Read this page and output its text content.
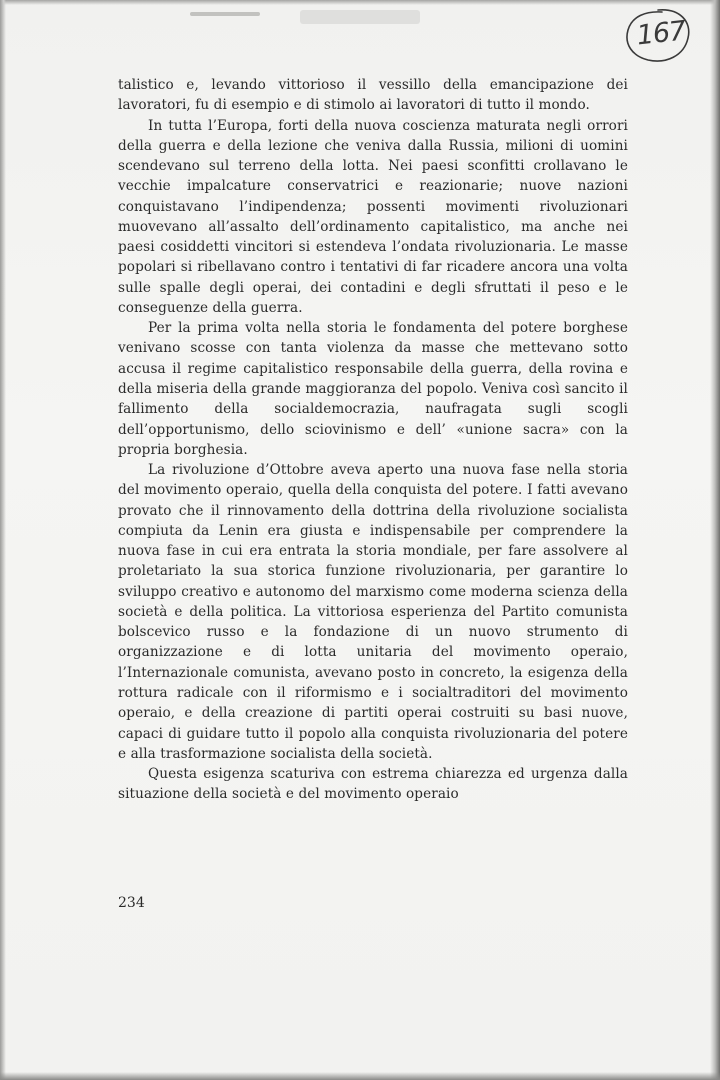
167

talistico e, levando vittorioso il vessillo della emancipazione dei lavoratori, fu di esempio e di stimolo ai lavoratori di tutto il mondo.

In tutta l’Europa, forti della nuova coscienza maturata negli orrori della guerra e della lezione che veniva dalla Russia, milioni di uomini scendevano sul terreno della lotta. Nei paesi sconfitti crollavano le vecchie impalcature conservatrici e reazionarie; nuove nazioni conquistavano l’indipendenza; possenti movimenti rivoluzionari muovevano all’assalto dell’ordinamento capitalistico, ma anche nei paesi cosiddetti vincitori si estendeva l’ondata rivoluzionaria. Le masse popolari si ribellavano contro i tentativi di far ricadere ancora una volta sulle spalle degli operai, dei contadini e degli sfruttati il peso e le conseguenze della guerra.

Per la prima volta nella storia le fondamenta del potere borghese venivano scosse con tanta violenza da masse che mettevano sotto accusa il regime capitalistico responsabile della guerra, della rovina e della miseria della grande maggioranza del popolo. Veniva così sancito il fallimento della socialdemocrazia, naufragata sugli scogli dell’opportunismo, dello sciovinismo e dell’ «unione sacra» con la propria borghesia.

La rivoluzione d’Ottobre aveva aperto una nuova fase nella storia del movimento operaio, quella della conquista del potere. I fatti avevano provato che il rinnovamento della dottrina della rivoluzione socialista compiuta da Lenin era giusta e indispensabile per comprendere la nuova fase in cui era entrata la storia mondiale, per fare assolvere al proletariato la sua storica funzione rivoluzionaria, per garantire lo sviluppo creativo e autonomo del marxismo come moderna scienza della società e della politica. La vittoriosa esperienza del Partito comunista bolscevico russo e la fondazione di un nuovo strumento di organizzazione e di lotta unitaria del movimento operaio, l’Internazionale comunista, avevano posto in concreto, la esigenza della rottura radicale con il riformismo e i socialtraditori del movimento operaio, e della creazione di partiti operai costruiti su basi nuove, capaci di guidare tutto il popolo alla conquista rivoluzionaria del potere e alla trasformazione socialista della società.

Questa esigenza scaturiva con estrema chiarezza ed urgenza dalla situazione della società e del movimento operaio

234
